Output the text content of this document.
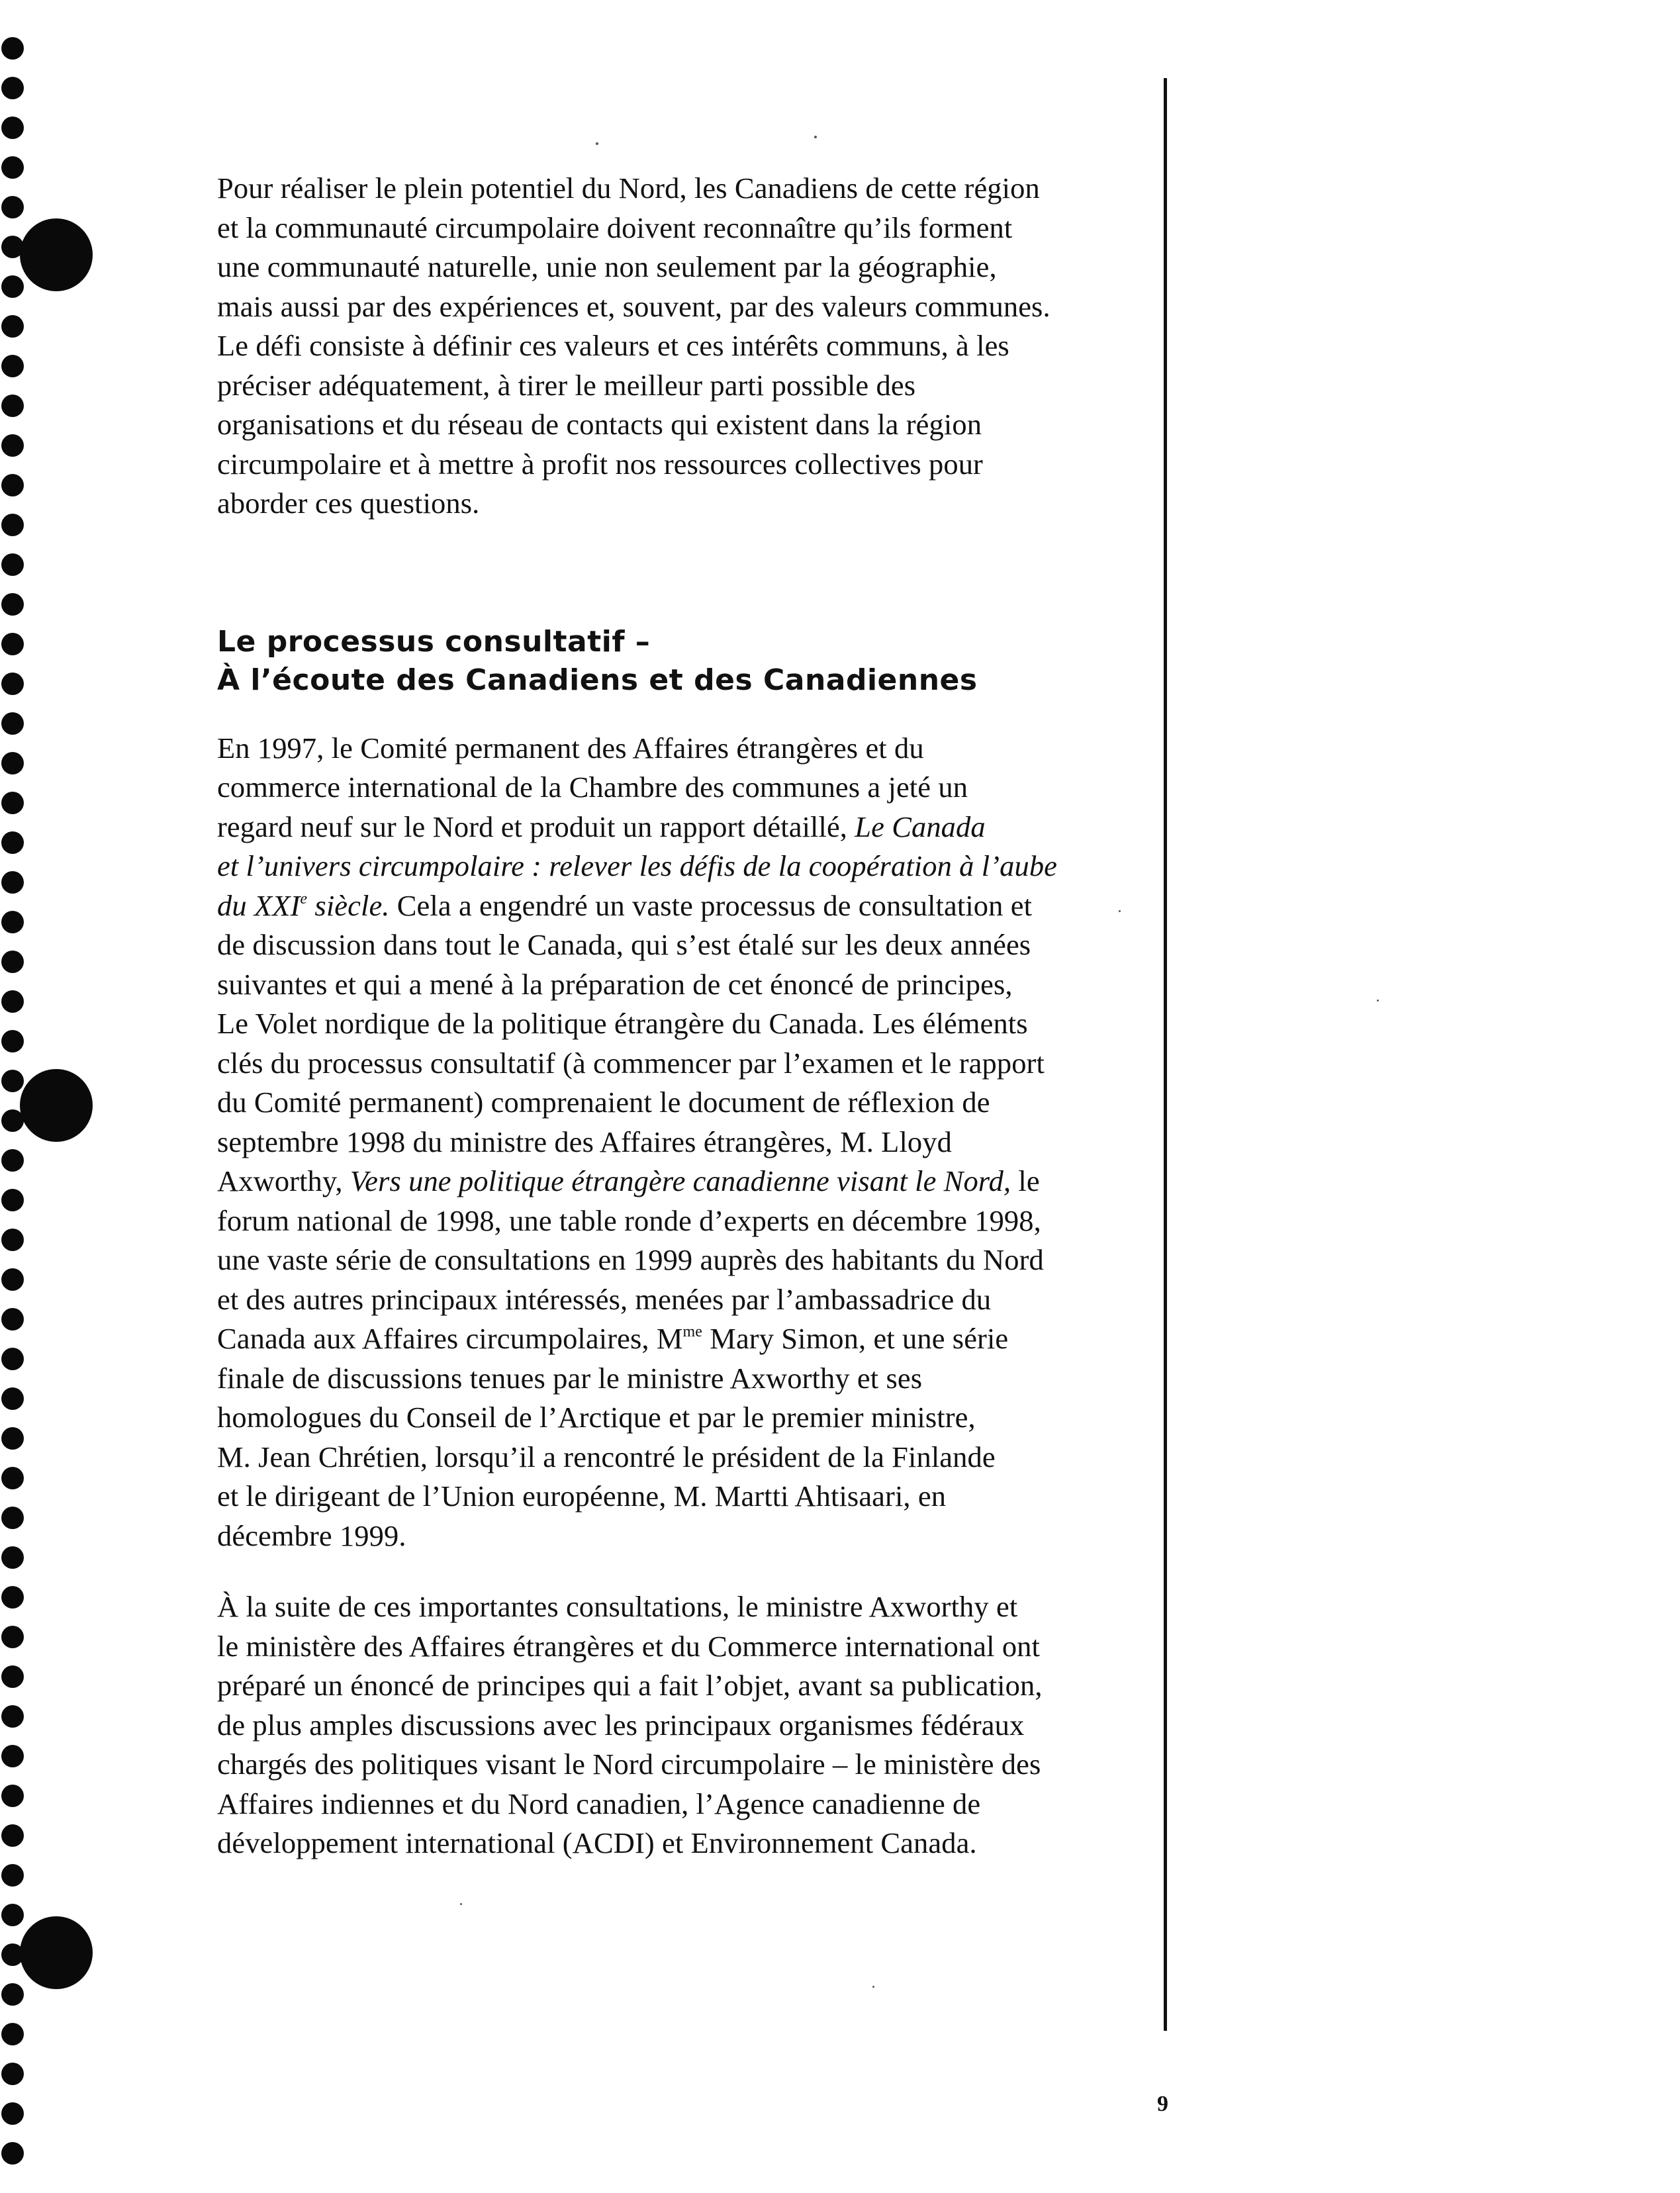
Pour réaliser le plein potentiel du Nord, les Canadiens de cette région
et la communauté circumpolaire doivent reconnaître qu’ils forment
une communauté naturelle, unie non seulement par la géographie,
mais aussi par des expériences et, souvent, par des valeurs communes.
Le défi consiste à définir ces valeurs et ces intérêts communs, à les
préciser adéquatement, à tirer le meilleur parti possible des
organisations et du réseau de contacts qui existent dans la région
circumpolaire et à mettre à profit nos ressources collectives pour
aborder ces questions.

Le processus consultatif –
À l’écoute des Canadiens et des Canadiennes

En 1997, le Comité permanent des Affaires étrangères et du
commerce international de la Chambre des communes a jeté un
regard neuf sur le Nord et produit un rapport détaillé, Le Canada
et l’univers circumpolaire : relever les défis de la coopération à l’aube
du XXIe siècle. Cela a engendré un vaste processus de consultation et
de discussion dans tout le Canada, qui s’est étalé sur les deux années
suivantes et qui a mené à la préparation de cet énoncé de principes,
Le Volet nordique de la politique étrangère du Canada. Les éléments
clés du processus consultatif (à commencer par l’examen et le rapport
du Comité permanent) comprenaient le document de réflexion de
septembre 1998 du ministre des Affaires étrangères, M. Lloyd
Axworthy, Vers une politique étrangère canadienne visant le Nord, le
forum national de 1998, une table ronde d’experts en décembre 1998,
une vaste série de consultations en 1999 auprès des habitants du Nord
et des autres principaux intéressés, menées par l’ambassadrice du
Canada aux Affaires circumpolaires, $M^{me}$ Mary Simon, et une série
finale de discussions tenues par le ministre Axworthy et ses
homologues du Conseil de l’Arctique et par le premier ministre,
M. Jean Chrétien, lorsqu’il a rencontré le président de la Finlande
et le dirigeant de l’Union européenne, M. Martti Ahtisaari, en
décembre 1999.

À la suite de ces importantes consultations, le ministre Axworthy et
le ministère des Affaires étrangères et du Commerce international ont
préparé un énoncé de principes qui a fait l’objet, avant sa publication,
de plus amples discussions avec les principaux organismes fédéraux
chargés des politiques visant le Nord circumpolaire – le ministère des
Affaires indiennes et du Nord canadien, l’Agence canadienne de
développement international (ACDI) et Environnement Canada.

9
